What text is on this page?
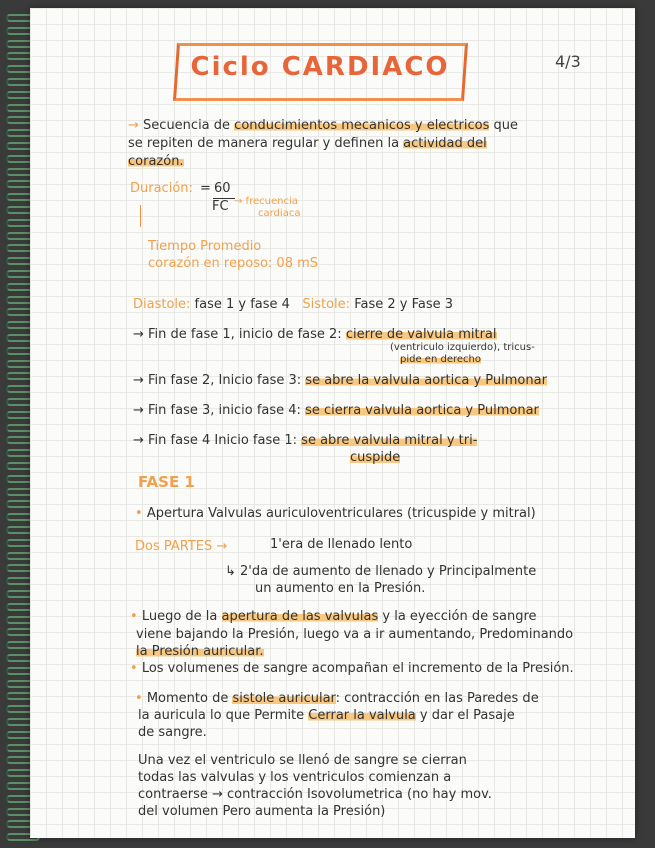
Ciclo CARDIACO	4/3
→ Secuencia de conducimientos mecanicos y electricos que
se repiten de manera regular y definen la actividad del
corazón.
Duración: = 60
FC → frecuencia
cardiaca
Tiempo Promedio
corazón en reposo: 08 mS
Diastole: fase 1 y fase 4 Sistole: Fase 2 y Fase 3
→ Fin de fase 1, inicio de fase 2: cierre de valvula mitral
(ventriculo izquierdo), tricus-
pide en derecho
→ Fin fase 2, Inicio fase 3: se abre la valvula aortica y Pulmonar
→ Fin fase 3, inicio fase 4: se cierra valvula aortica y Pulmonar
→ Fin fase 4 Inicio fase 1: se abre valvula mitral y tri-
cuspide
FASE 1
• Apertura Valvulas auriculoventriculares (tricuspide y mitral)
Dos PARTES →	1'era de llenado lento
↳ 2'da de aumento de llenado y Principalmente
un aumento en la Presión.
• Luego de la apertura de las valvulas y la eyección de sangre
viene bajando la Presión, luego va a ir aumentando, Predominando
la Presión auricular.
• Los volumenes de sangre acompañan el incremento de la Presión.
• Momento de sistole auricular: contracción en las Paredes de
la auricula lo que Permite Cerrar la valvula y dar el Pasaje
de sangre.
Una vez el ventriculo se llenó de sangre se cierran
todas las valvulas y los ventriculos comienzan a
contraerse → contracción Isovolumetrica (no hay mov.
del volumen Pero aumenta la Presión)
